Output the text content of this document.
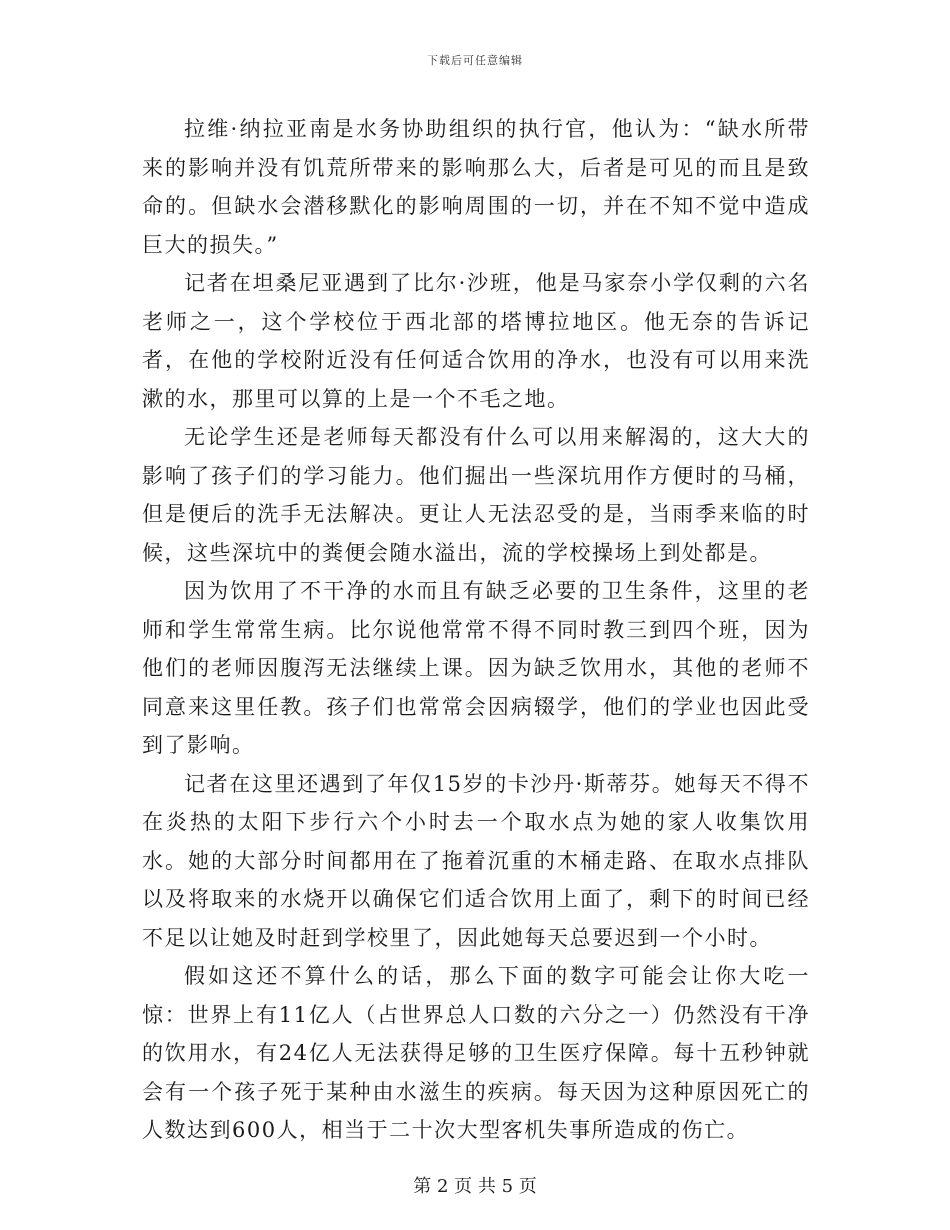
下载后可任意编辑

拉维·纳拉亚南是水务协助组织的执行官，他认为：“缺水所带来的影响并没有饥荒所带来的影响那么大，后者是可见的而且是致命的。但缺水会潜移默化的影响周围的一切，并在不知不觉中造成巨大的损失。”

记者在坦桑尼亚遇到了比尔·沙班，他是马家奈小学仅剩的六名老师之一，这个学校位于西北部的塔博拉地区。他无奈的告诉记者，在他的学校附近没有任何适合饮用的净水，也没有可以用来洗漱的水，那里可以算的上是一个不毛之地。

无论学生还是老师每天都没有什么可以用来解渴的，这大大的影响了孩子们的学习能力。他们掘出一些深坑用作方便时的马桶，但是便后的洗手无法解决。更让人无法忍受的是，当雨季来临的时候，这些深坑中的粪便会随水溢出，流的学校操场上到处都是。

因为饮用了不干净的水而且有缺乏必要的卫生条件，这里的老师和学生常常生病。比尔说他常常不得不同时教三到四个班，因为他们的老师因腹泻无法继续上课。因为缺乏饮用水，其他的老师不同意来这里任教。孩子们也常常会因病辍学，他们的学业也因此受到了影响。

记者在这里还遇到了年仅15岁的卡沙丹·斯蒂芬。她每天不得不在炎热的太阳下步行六个小时去一个取水点为她的家人收集饮用水。她的大部分时间都用在了拖着沉重的木桶走路、在取水点排队以及将取来的水烧开以确保它们适合饮用上面了，剩下的时间已经不足以让她及时赶到学校里了，因此她每天总要迟到一个小时。

假如这还不算什么的话，那么下面的数字可能会让你大吃一惊：世界上有11亿人（占世界总人口数的六分之一）仍然没有干净的饮用水，有24亿人无法获得足够的卫生医疗保障。每十五秒钟就会有一个孩子死于某种由水滋生的疾病。每天因为这种原因死亡的人数达到600人，相当于二十次大型客机失事所造成的伤亡。

第 2 页 共 5 页
